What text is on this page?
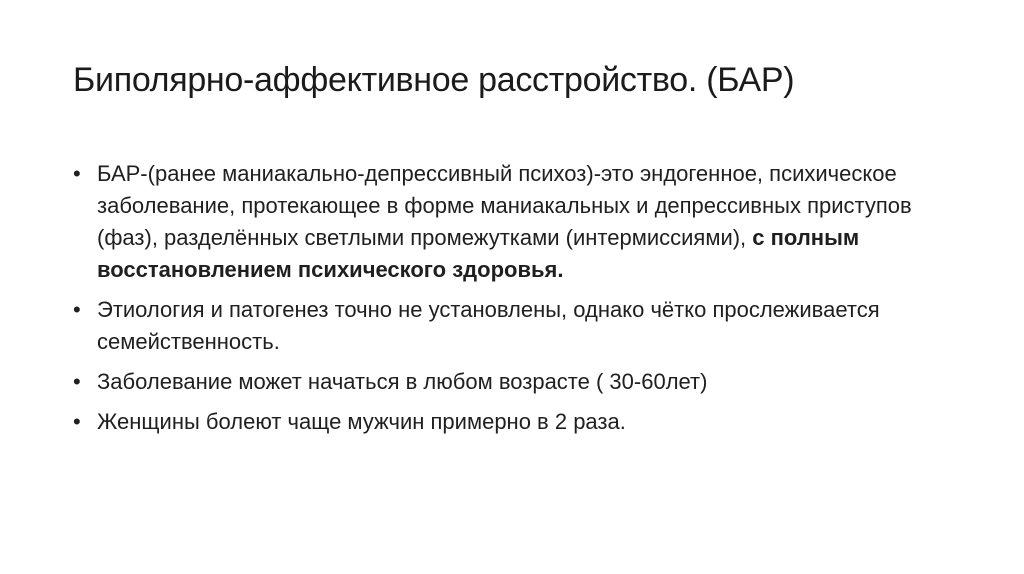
Биполярно-аффективное расстройство. (БАР)
• БАР-(ранее маниакально-депрессивный психоз)-это эндогенное, психическое заболевание, протекающее в форме маниакальных и депрессивных приступов (фаз), разделённых светлыми промежутками (интермиссиями), с полным восстановлением психического здоровья.
• Этиология и патогенез точно не установлены, однако чётко прослеживается семейственность.
• Заболевание может начаться в любом возрасте ( 30-60лет)
• Женщины болеют чаще мужчин примерно в 2 раза.
